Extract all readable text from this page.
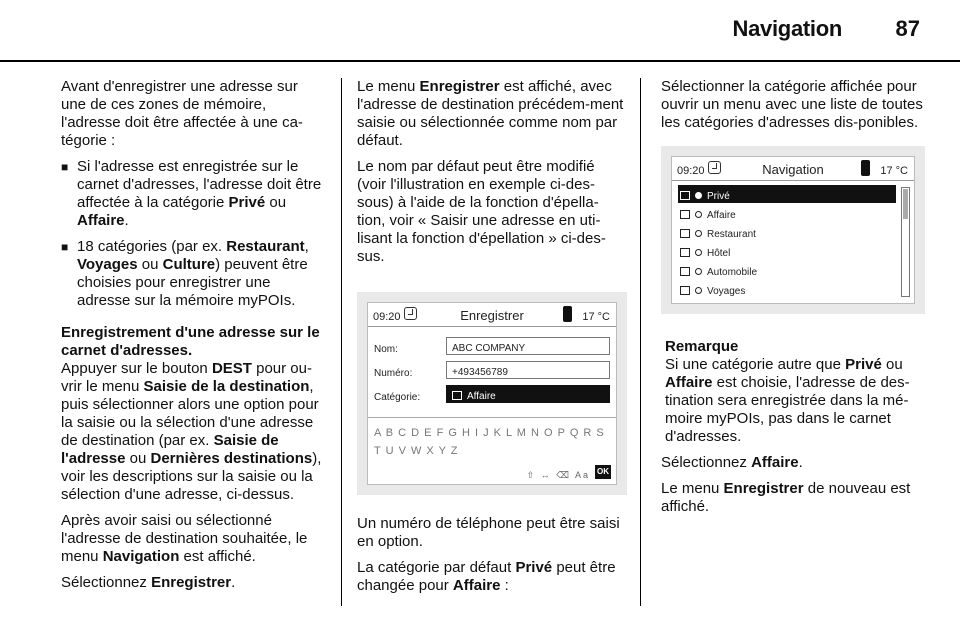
Navigation 87

Avant d'enregistrer une adresse sur une de ces zones de mémoire, l'adresse doit être affectée à une ca-tégorie :

■ Si l'adresse est enregistrée sur le carnet d'adresses, l'adresse doit être affectée à la catégorie Privé ou Affaire.
■ 18 catégories (par ex. Restaurant, Voyages ou Culture) peuvent être choisies pour enregistrer une adresse sur la mémoire myPOIs.

Enregistrement d'une adresse sur le carnet d'adresses.

Appuyer sur le bouton DEST pour ou-vrir le menu Saisie de la destination, puis sélectionner alors une option pour la saisie ou la sélection d'une adresse de destination (par ex. Saisie de l'adresse ou Dernières destinations), voir les descriptions sur la saisie ou la sélection d'une adresse, ci-dessus.

Après avoir saisi ou sélectionné l'adresse de destination souhaitée, le menu Navigation est affiché.

Sélectionnez Enregistrer.

Le menu Enregistrer est affiché, avec l'adresse de destination précédem-ment saisie ou sélectionnée comme nom par défaut.

Le nom par défaut peut être modifié (voir l'illustration en exemple ci-des-sous) à l'aide de la fonction d'épella-tion, voir « Saisir une adresse en uti-lisant la fonction d'épellation » ci-des-sus.

09:20	Enregistrer	17 °C
Nom:	ABC COMPANY
Numéro:	+493456789
Catégorie:	Affaire
A B C D E F G H I J K L M N O P Q R S T U V W X Y Z
⇧ ↔ ⌫ Aa OK

Un numéro de téléphone peut être saisi en option.

La catégorie par défaut Privé peut être changée pour Affaire :

Sélectionner la catégorie affichée pour ouvrir un menu avec une liste de toutes les catégories d'adresses dis-ponibles.

09:20	Navigation	17 °C
Privé
Affaire
Restaurant
Hôtel
Automobile
Voyages

Remarque

Si une catégorie autre que Privé ou Affaire est choisie, l'adresse de des-tination sera enregistrée dans la mé-moire myPOIs, pas dans le carnet d'adresses.

Sélectionnez Affaire.

Le menu Enregistrer de nouveau est affiché.
